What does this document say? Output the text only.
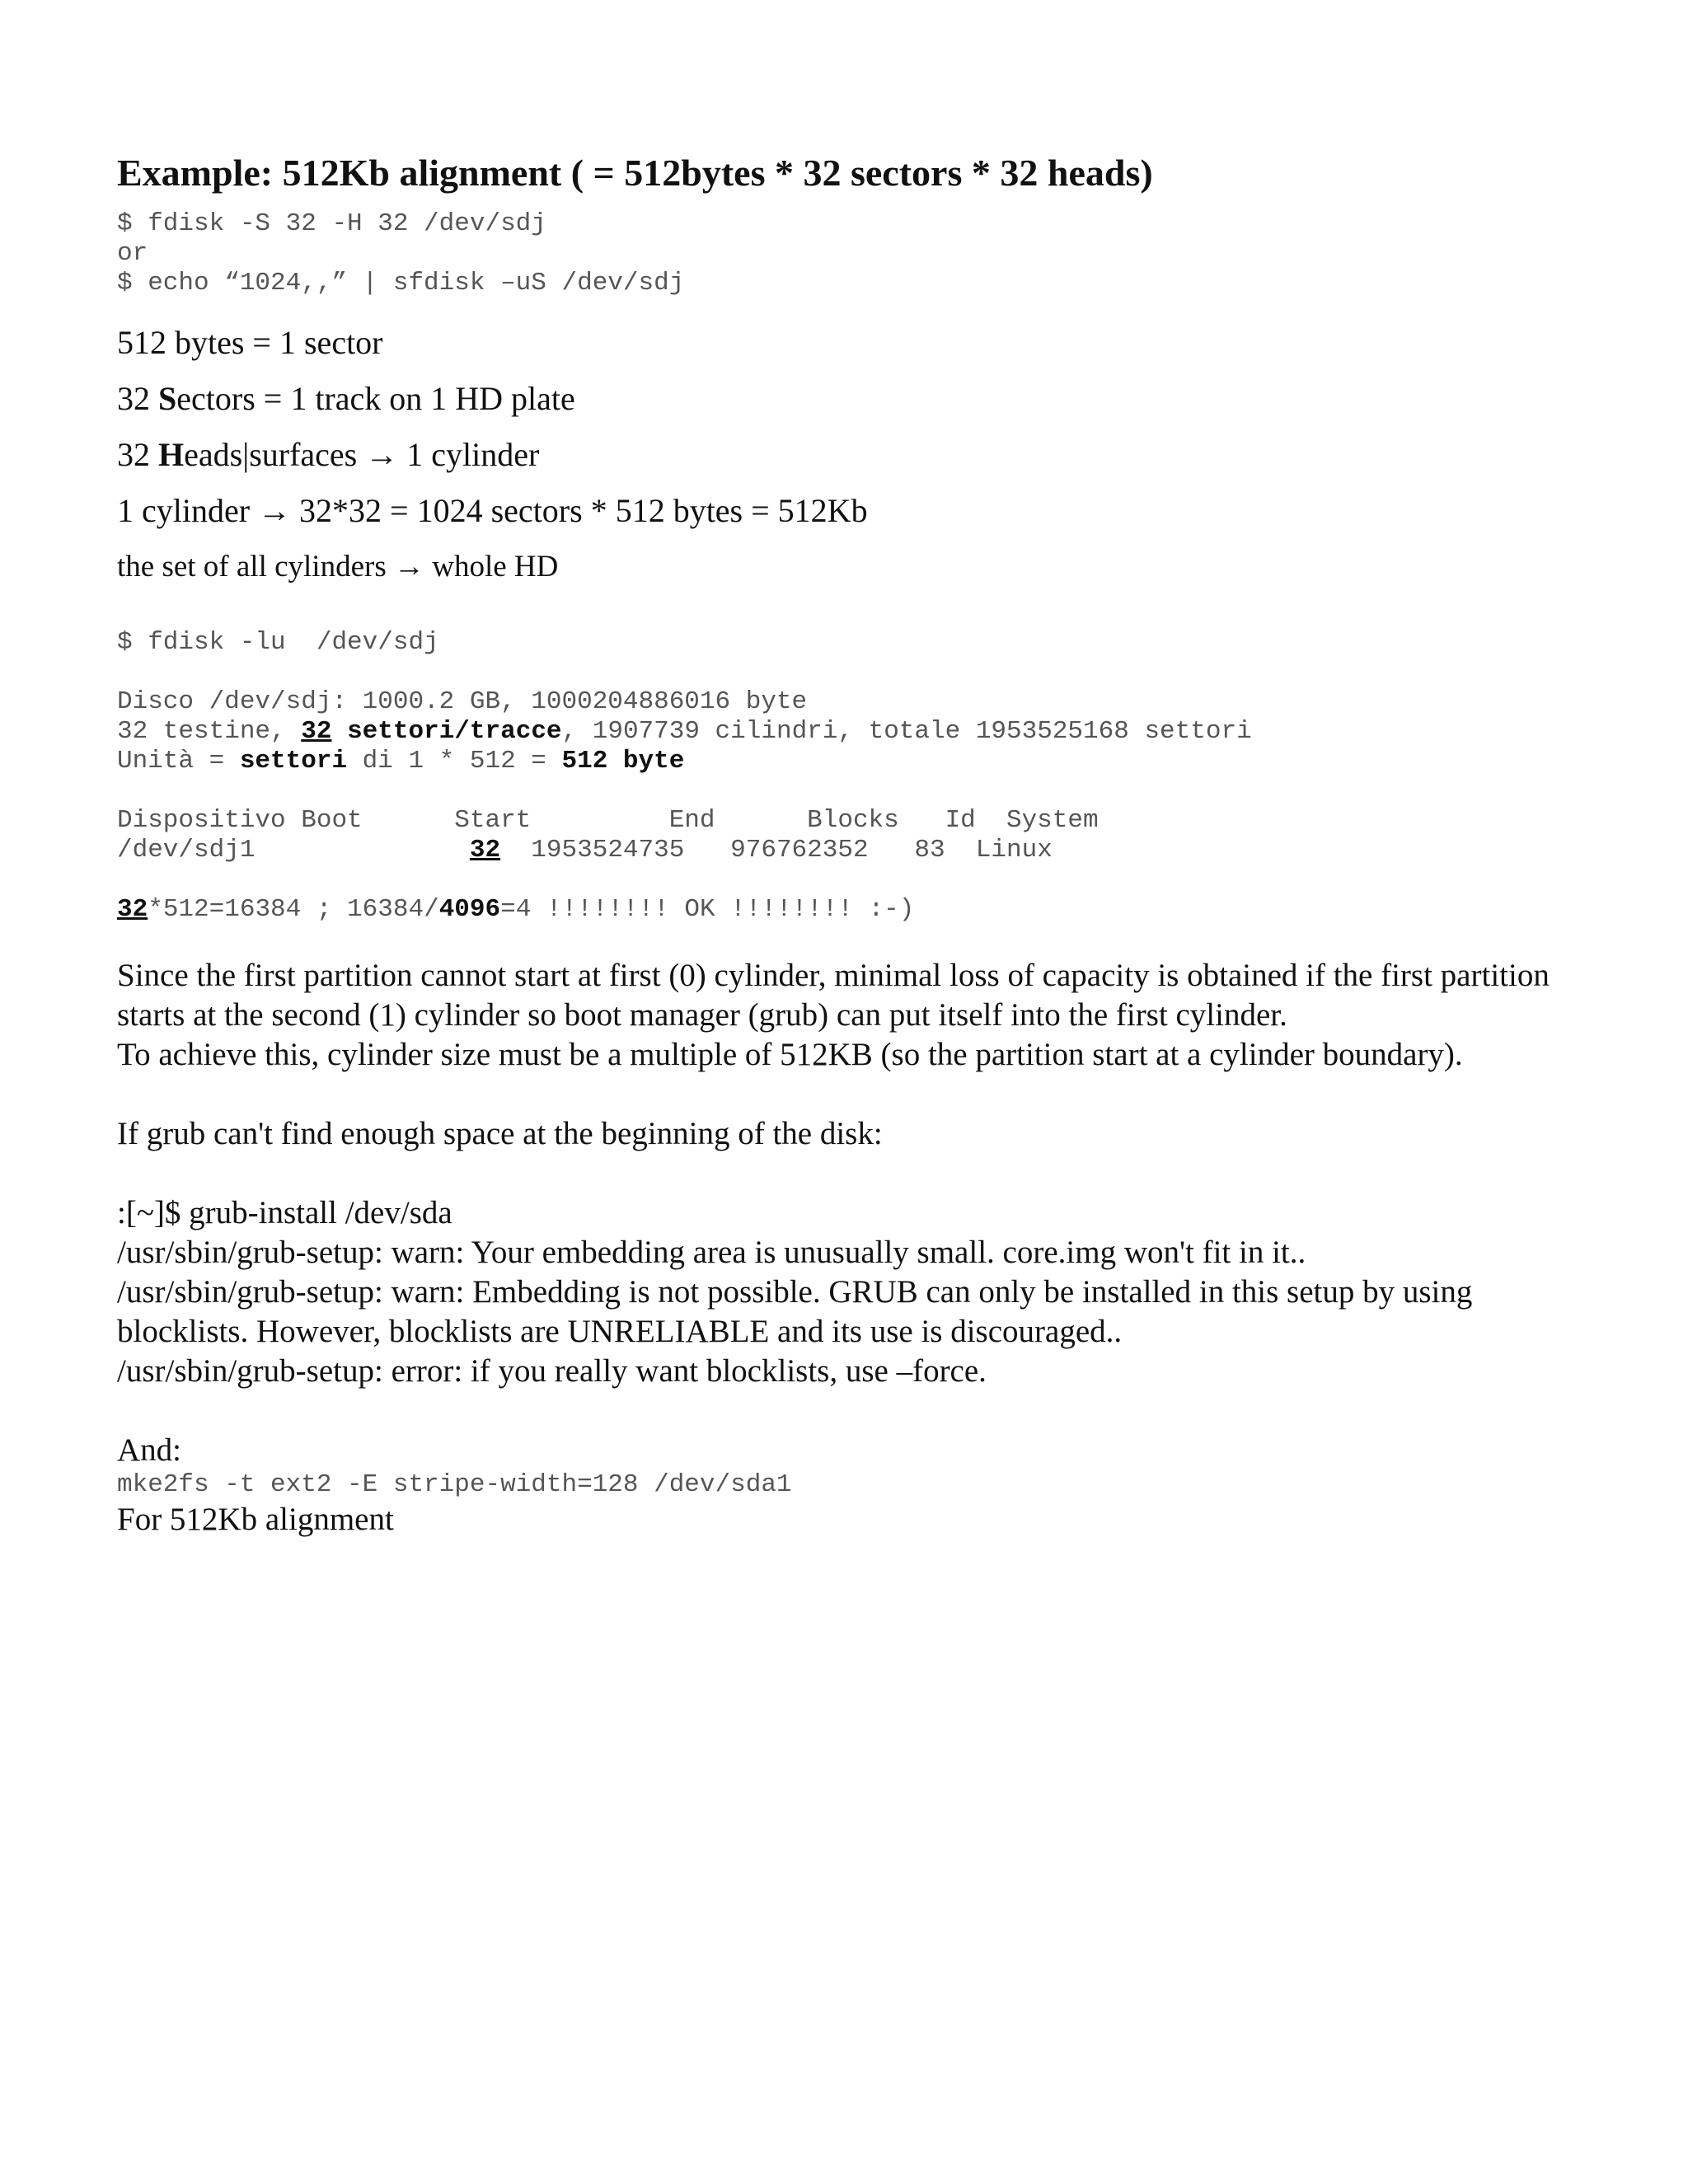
Example: 512Kb alignment ( = 512bytes * 32 sectors * 32 heads)

$ fdisk -S 32 -H 32 /dev/sdj

or

$ echo “1024,,” | sfdisk –uS /dev/sdj

512 bytes = 1 sector

32 Sectors = 1 track on 1 HD plate

32 Heads|surfaces → 1 cylinder

1 cylinder → 32*32 = 1024 sectors * 512 bytes = 512Kb

the set of all cylinders → whole HD

$ fdisk -lu  /dev/sdj

Disco /dev/sdj: 1000.2 GB, 1000204886016 byte

32 testine, 32 settori/tracce, 1907739 cilindri, totale 1953525168 settori

Unità = settori di 1 * 512 = 512 byte

Dispositivo Boot      Start         End      Blocks   Id  System

/dev/sdj1              32  1953524735   976762352   83  Linux

32*512=16384 ; 16384/4096=4 !!!!!!!! OK !!!!!!!! :-)

Since the first partition cannot start at first (0) cylinder, minimal loss of capacity is obtained if the first partition starts at the second (1) cylinder so boot manager (grub) can put itself into the first cylinder.

To achieve this, cylinder size must be a multiple of 512KB (so the partition start at a cylinder boundary).

If grub can't find enough space at the beginning of the disk:

:[~]$ grub-install /dev/sda

/usr/sbin/grub-setup: warn: Your embedding area is unusually small. core.img won't fit in it..

/usr/sbin/grub-setup: warn: Embedding is not possible. GRUB can only be installed in this setup by using blocklists. However, blocklists are UNRELIABLE and its use is discouraged..

/usr/sbin/grub-setup: error: if you really want blocklists, use –force.

And:

mke2fs -t ext2 -E stripe-width=128 /dev/sda1

For 512Kb alignment
